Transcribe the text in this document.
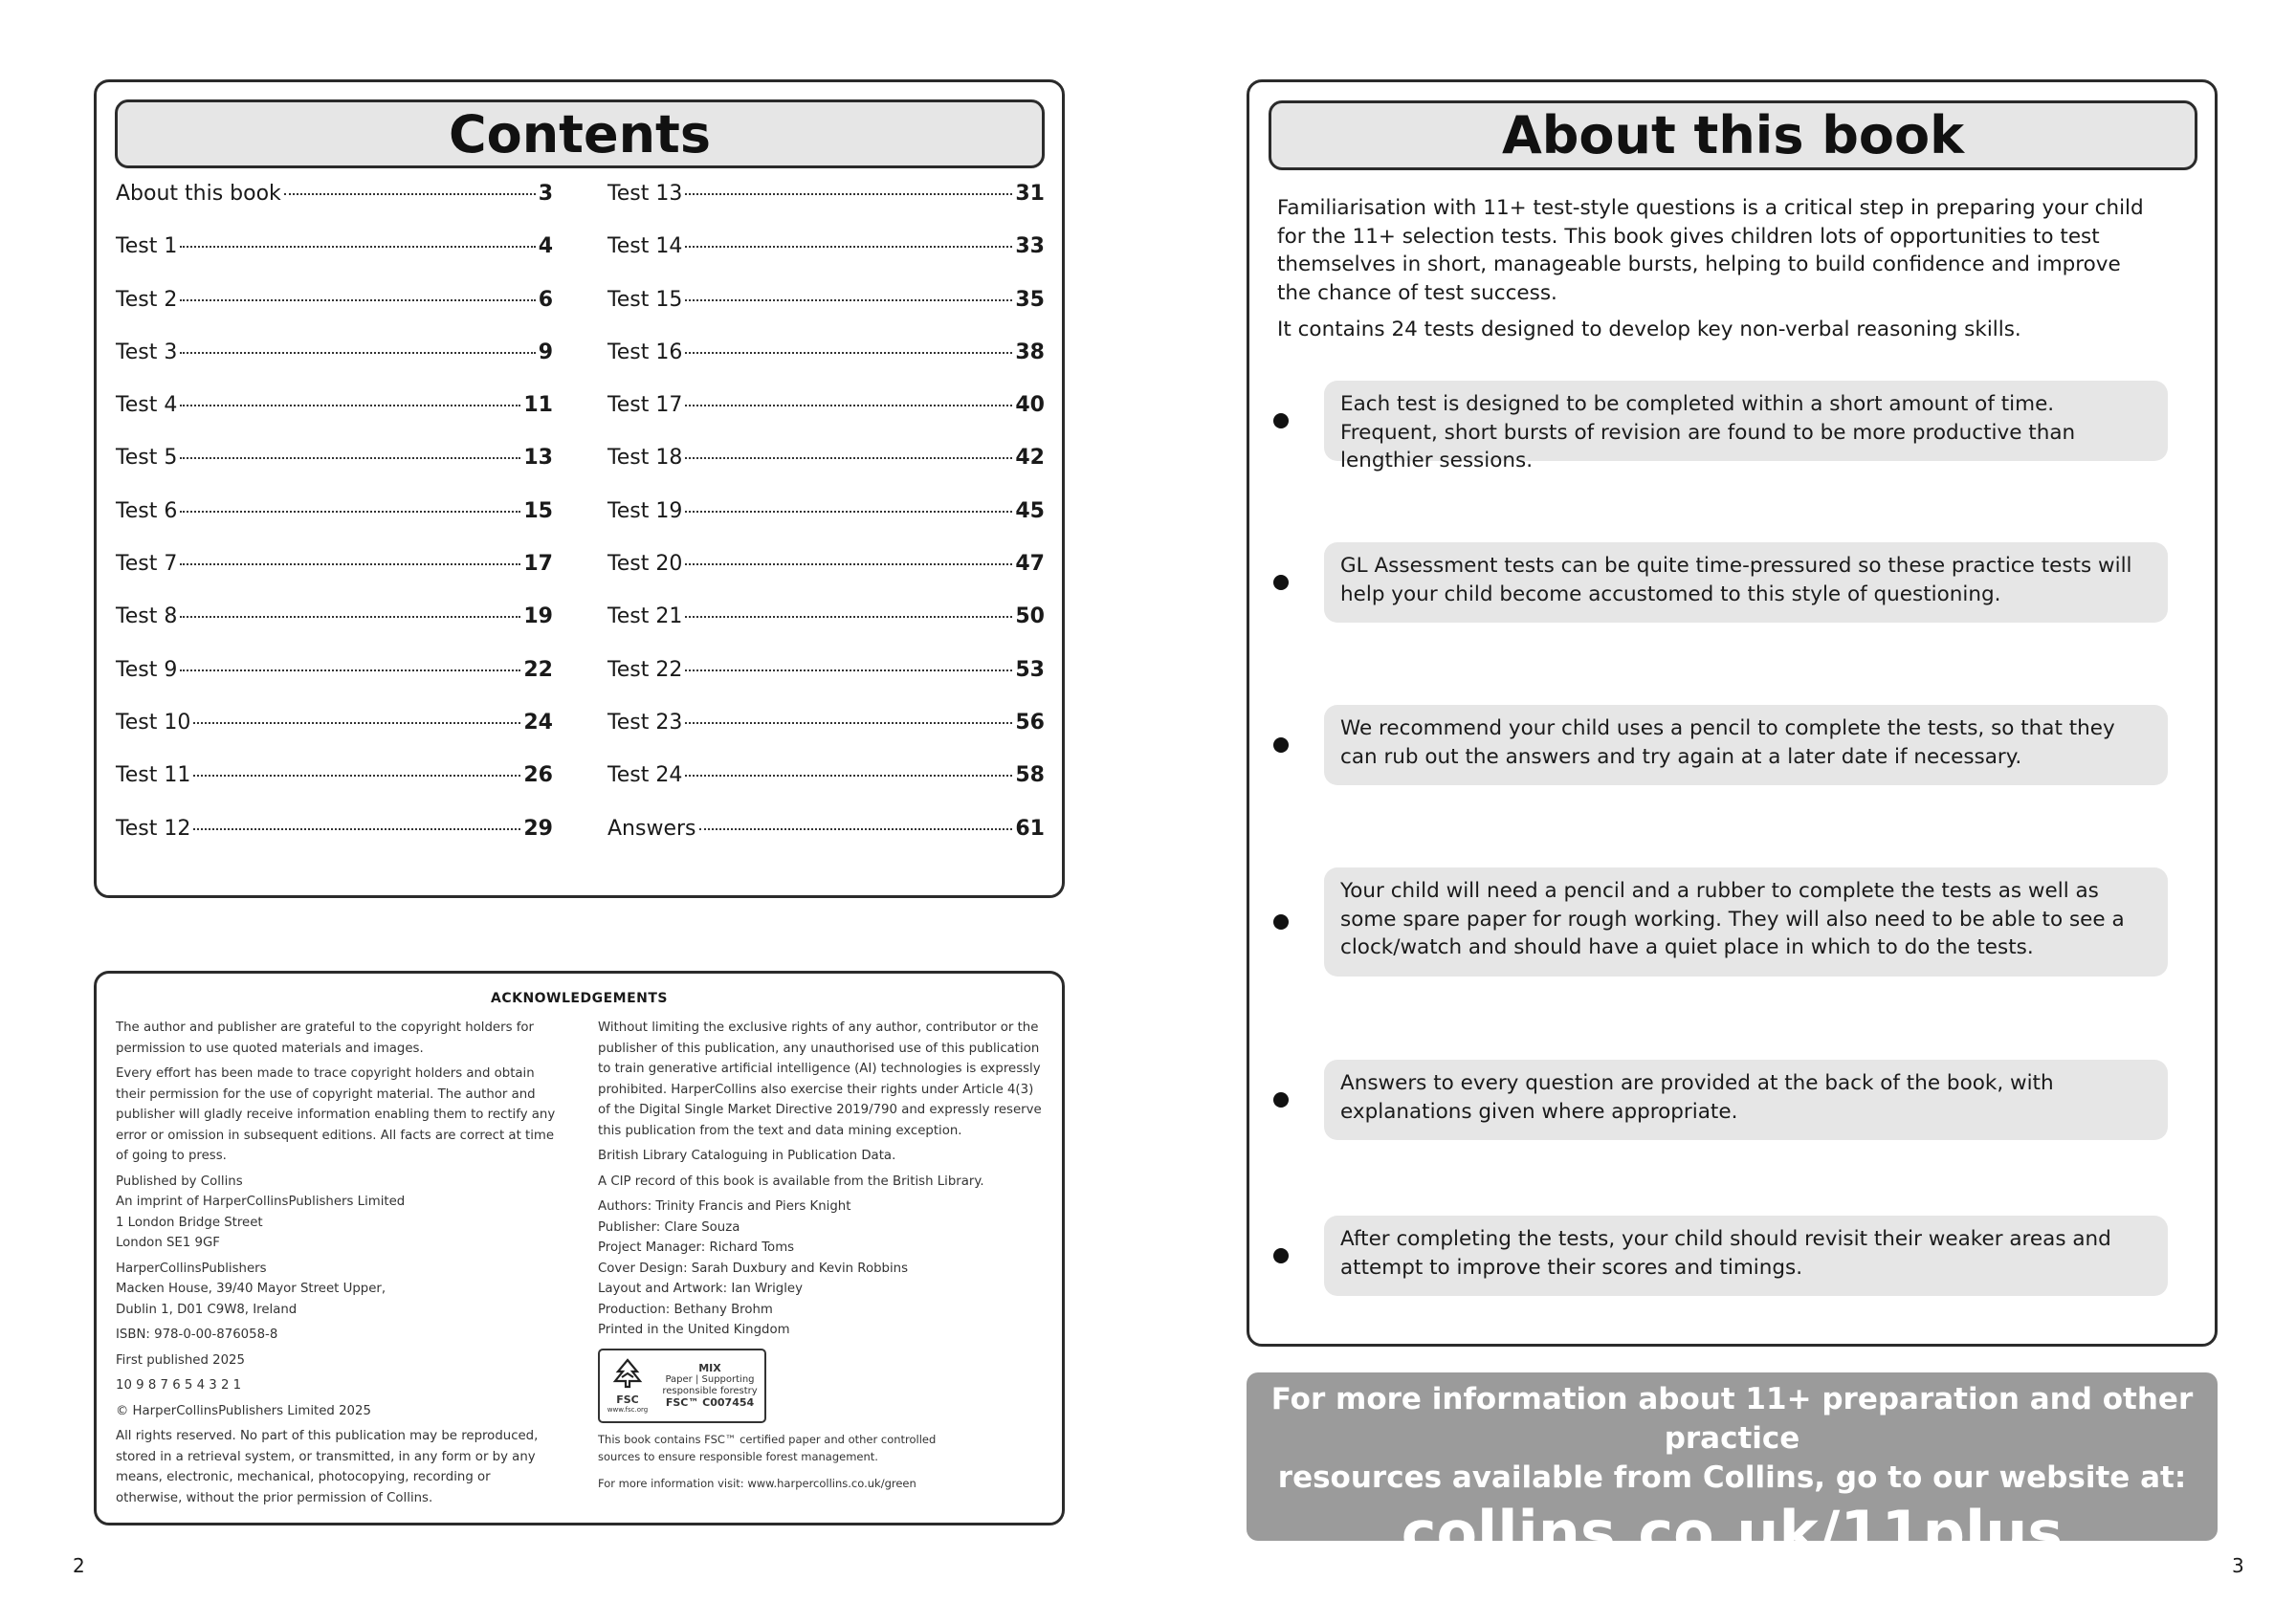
Contents
About this book	3
Test 1	4
Test 2	6
Test 3	9
Test 4	11
Test 5	13
Test 6	15
Test 7	17
Test 8	19
Test 9	22
Test 10	24
Test 11	26
Test 12	29
Test 13	31
Test 14	33
Test 15	35
Test 16	38
Test 17	40
Test 18	42
Test 19	45
Test 20	47
Test 21	50
Test 22	53
Test 23	56
Test 24	58
Answers	61
ACKNOWLEDGEMENTS

The author and publisher are grateful to the copyright holders for permission to use quoted materials and images.

Every effort has been made to trace copyright holders and obtain their permission for the use of copyright material. The author and publisher will gladly receive information enabling them to rectify any error or omission in subsequent editions. All facts are correct at time of going to press.

Published by Collins
An imprint of HarperCollinsPublishers Limited
1 London Bridge Street
London SE1 9GF

HarperCollinsPublishers
Macken House, 39/40 Mayor Street Upper,
Dublin 1, D01 C9W8, Ireland

ISBN: 978-0-00-876058-8

First published 2025

10 9 8 7 6 5 4 3 2 1

© HarperCollinsPublishers Limited 2025

All rights reserved. No part of this publication may be reproduced, stored in a retrieval system, or transmitted, in any form or by any means, electronic, mechanical, photocopying, recording or otherwise, without the prior permission of Collins.

Without limiting the exclusive rights of any author, contributor or the publisher of this publication, any unauthorised use of this publication to train generative artificial intelligence (AI) technologies is expressly prohibited. HarperCollins also exercise their rights under Article 4(3) of the Digital Single Market Directive 2019/790 and expressly reserve this publication from the text and data mining exception.

British Library Cataloguing in Publication Data.

A CIP record of this book is available from the British Library.

Authors: Trinity Francis and Piers Knight
Publisher: Clare Souza
Project Manager: Richard Toms
Cover Design: Sarah Duxbury and Kevin Robbins
Layout and Artwork: Ian Wrigley
Production: Bethany Brohm
Printed in the United Kingdom

FSC
www.fsc.org
MIX
Paper | Supporting
responsible forestry
FSC™ C007454

This book contains FSC™ certified paper and other controlled sources to ensure responsible forest management.

For more information visit: www.harpercollins.co.uk/green

2
About this book

Familiarisation with 11+ test-style questions is a critical step in preparing your child for the 11+ selection tests. This book gives children lots of opportunities to test themselves in short, manageable bursts, helping to build confidence and improve the chance of test success.

It contains 24 tests designed to develop key non-verbal reasoning skills.

Each test is designed to be completed within a short amount of time. Frequent, short bursts of revision are found to be more productive than lengthier sessions.
GL Assessment tests can be quite time-pressured so these practice tests will help your child become accustomed to this style of questioning.
We recommend your child uses a pencil to complete the tests, so that they can rub out the answers and try again at a later date if necessary.
Your child will need a pencil and a rubber to complete the tests as well as some spare paper for rough working. They will also need to be able to see a clock/watch and should have a quiet place in which to do the tests.
Answers to every question are provided at the back of the book, with explanations given where appropriate.
After completing the tests, your child should revisit their weaker areas and attempt to improve their scores and timings.
For more information about 11+ preparation and other practice
resources available from Collins, go to our website at:
collins.co.uk/11plus	3
